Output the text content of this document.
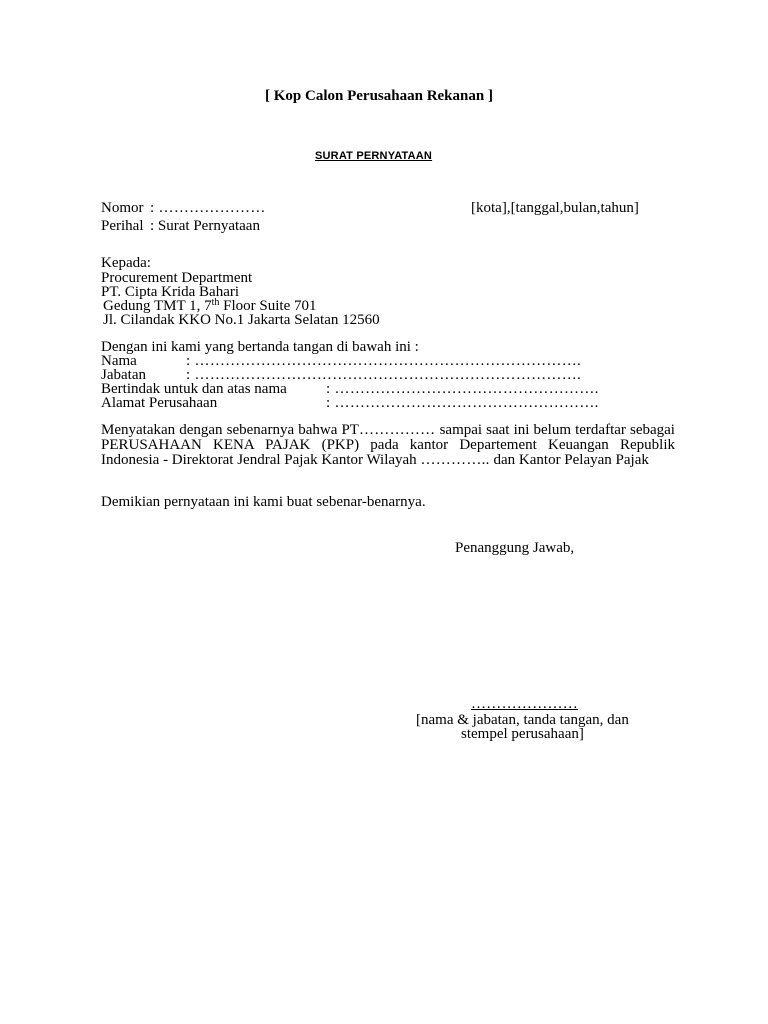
[ Kop Calon Perusahaan Rekanan ]
SURAT PERNYATAAN
Nomor : …………………	[kota],[tanggal,bulan,tahun]
Perihal : Surat Pernyataan
Kepada:
Procurement Department
PT. Cipta Krida Bahari
Gedung TMT 1, 7th Floor Suite 701
Jl. Cilandak KKO No.1 Jakarta Selatan 12560
Dengan ini kami yang bertanda tangan di bawah ini :
Nama	: ………………………………………………………………….
Jabatan	: ………………………………………………………………….
Bertindak untuk dan atas nama	: …………………………………………….
Alamat Perusahaan	: …………………………………………….
Menyatakan dengan sebenarnya bahwa PT…………… sampai saat ini belum terdaftar sebagai PERUSAHAAN KENA PAJAK (PKP) pada kantor Departement Keuangan Republik Indonesia - Direktorat Jendral Pajak Kantor Wilayah ………….. dan Kantor Pelayan Pajak
Demikian pernyataan ini kami buat sebenar-benarnya.
Penanggung Jawab,
…………………
[nama & jabatan, tanda tangan, dan
stempel perusahaan]
